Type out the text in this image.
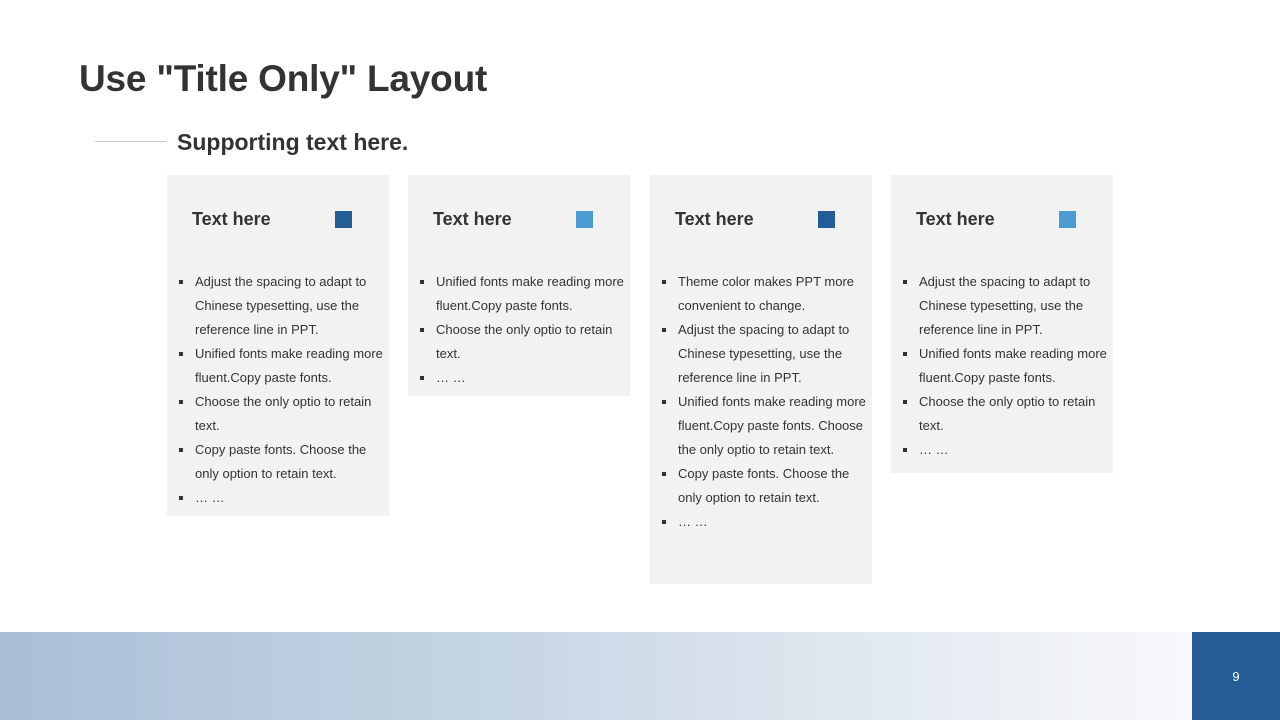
Use "Title Only" Layout
Supporting text here.
Text here
Adjust the spacing to adapt to Chinese typesetting, use the reference line in PPT.
Unified fonts make reading more fluent.Copy paste fonts.
Choose the only optio to retain text.
Copy paste fonts. Choose the only option to retain text.
… …
Text here
Unified fonts make reading more fluent.Copy paste fonts.
Choose the only optio to retain text.
… …
Text here
Theme color makes PPT more convenient to change.
Adjust the spacing to adapt to Chinese typesetting, use the reference line in PPT.
Unified fonts make reading more fluent.Copy paste fonts. Choose the only optio to retain text.
Copy paste fonts. Choose the only option to retain text.
… …
Text here
Adjust the spacing to adapt to Chinese typesetting, use the reference line in PPT.
Unified fonts make reading more fluent.Copy paste fonts.
Choose the only optio to retain text.
… …
9
